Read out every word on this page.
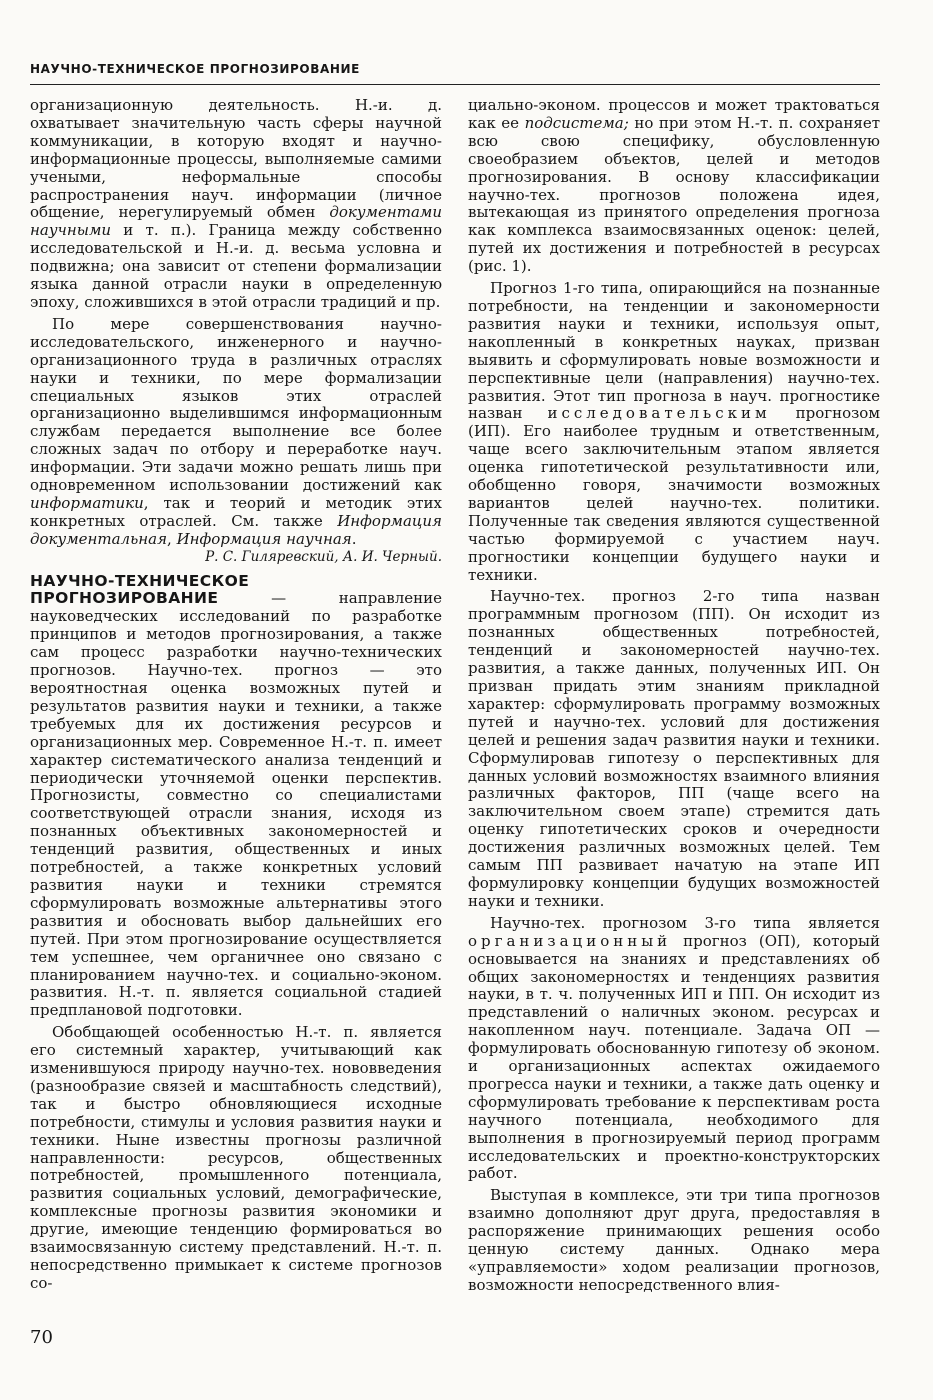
НАУЧНО-ТЕХНИЧЕСКОЕ ПРОГНОЗИРОВАНИЕ

организационную деятельность. Н.-и. д. охватывает значительную часть сферы научной коммуникации, в которую входят и научно-информационные процессы, выполняемые самими учеными, неформальные способы распространения науч. информации (личное общение, нерегулируемый обмен документами научными и т. п.). Граница между собственно исследовательской и Н.-и. д. весьма условна и подвижна; она зависит от степени формализации языка данной отрасли науки в определенную эпоху, сложившихся в этой отрасли традиций и пр.

По мере совершенствования научно-исследовательского, инженерного и научно-организационного труда в различных отраслях науки и техники, по мере формализации специальных языков этих отраслей организационно выделившимся информационным службам передается выполнение все более сложных задач по отбору и переработке науч. информации. Эти задачи можно решать лишь при одновременном использовании достижений как информатики, так и теорий и методик этих конкретных отраслей. См. также Информация документальная, Информация научная.

Р. С. Гиляревский, А. И. Черный.

НАУЧНО-ТЕХНИЧЕСКОЕ ПРОГНОЗИРОВАНИЕ — направление науковедческих исследований по разработке принципов и методов прогнозирования, а также сам процесс разработки научно-технических прогнозов. Научно-тех. прогноз — это вероятностная оценка возможных путей и результатов развития науки и техники, а также требуемых для их достижения ресурсов и организационных мер. Современное Н.-т. п. имеет характер систематического анализа тенденций и периодически уточняемой оценки перспектив. Прогнозисты, совместно со специалистами соответствующей отрасли знания, исходя из познанных объективных закономерностей и тенденций развития, общественных и иных потребностей, а также конкретных условий развития науки и техники стремятся сформулировать возможные альтернативы этого развития и обосновать выбор дальнейших его путей. При этом прогнозирование осуществляется тем успешнее, чем органичнее оно связано с планированием научно-тех. и социально-эконом. развития. Н.-т. п. является социальной стадией предплановой подготовки.

Обобщающей особенностью Н.-т. п. является его системный характер, учитывающий как изменившуюся природу научно-тех. нововведения (разнообразие связей и масштабность следствий), так и быстро обновляющиеся исходные потребности, стимулы и условия развития науки и техники. Ныне известны прогнозы различной направленности: ресурсов, общественных потребностей, промышленного потенциала, развития социальных условий, демографические, комплексные прогнозы развития экономики и другие, имеющие тенденцию формироваться во взаимосвязанную систему представлений. Н.-т. п. непосредственно примыкает к системе прогнозов со-

циально-эконом. процессов и может трактоваться как ее подсистема; но при этом Н.-т. п. сохраняет всю свою специфику, обусловленную своеобразием объектов, целей и методов прогнозирования. В основу классификации научно-тех. прогнозов положена идея, вытекающая из принятого определения прогноза как комплекса взаимосвязанных оценок: целей, путей их достижения и потребностей в ресурсах (рис. 1).

Прогноз 1-го типа, опирающийся на познанные потребности, на тенденции и закономерности развития науки и техники, используя опыт, накопленный в конкретных науках, призван выявить и сформулировать новые возможности и перспективные цели (направления) научно-тех. развития. Этот тип прогноза в науч. прогностике назван исследовательским прогнозом (ИП). Его наиболее трудным и ответственным, чаще всего заключительным этапом является оценка гипотетической результативности или, обобщенно говоря, значимости возможных вариантов целей научно-тех. политики. Полученные так сведения являются существенной частью формируемой с участием науч. прогностики концепции будущего науки и техники.

Научно-тех. прогноз 2-го типа назван программным прогнозом (ПП). Он исходит из познанных общественных потребностей, тенденций и закономерностей научно-тех. развития, а также данных, полученных ИП. Он призван придать этим знаниям прикладной характер: сформулировать программу возможных путей и научно-тех. условий для достижения целей и решения задач развития науки и техники. Сформулировав гипотезу о перспективных для данных условий возможностях взаимного влияния различных факторов, ПП (чаще всего на заключительном своем этапе) стремится дать оценку гипотетических сроков и очередности достижения различных возможных целей. Тем самым ПП развивает начатую на этапе ИП формулировку концепции будущих возможностей науки и техники.

Научно-тех. прогнозом 3-го типа является организационный прогноз (ОП), который основывается на знаниях и представлениях об общих закономерностях и тенденциях развития науки, в т. ч. полученных ИП и ПП. Он исходит из представлений о наличных эконом. ресурсах и накопленном науч. потенциале. Задача ОП — формулировать обоснованную гипотезу об эконом. и организационных аспектах ожидаемого прогресса науки и техники, а также дать оценку и сформулировать требование к перспективам роста научного потенциала, необходимого для выполнения в прогнозируемый период программ исследовательских и проектно-конструкторских работ.

Выступая в комплексе, эти три типа прогнозов взаимно дополняют друг друга, предоставляя в распоряжение принимающих решения особо ценную систему данных. Однако мера «управляемости» ходом реализации прогнозов, возможности непосредственного влия-

70
